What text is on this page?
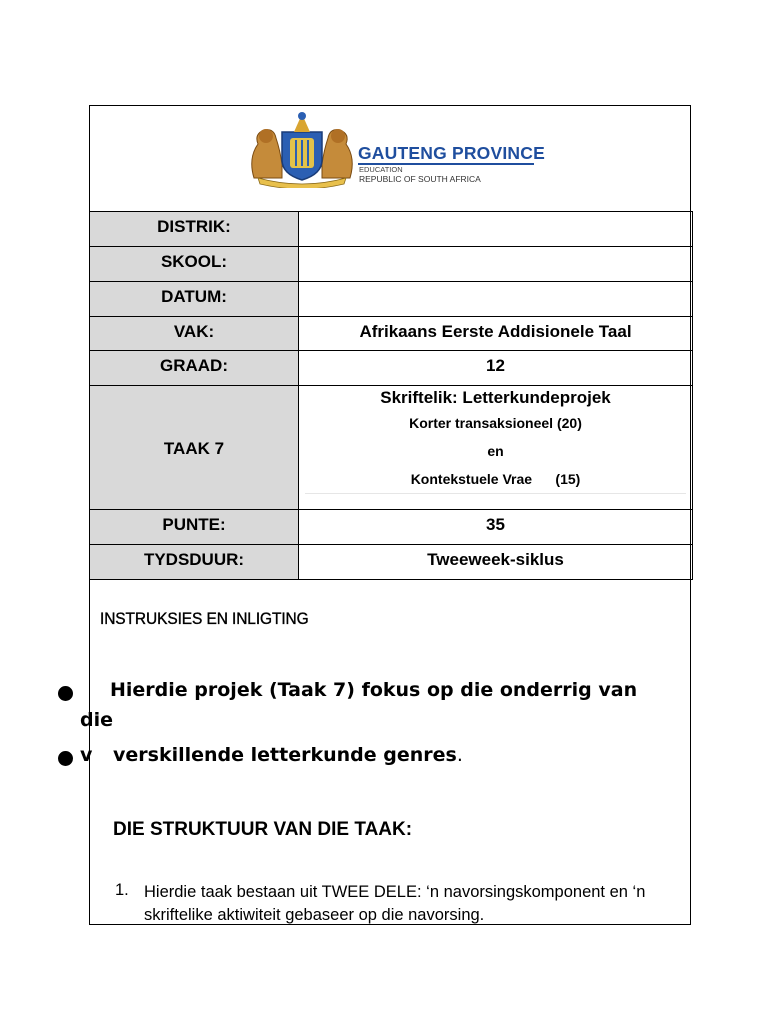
GAUTENG PROVINCE
EDUCATION
REPUBLIC OF SOUTH AFRICA
DISTRIK:	

SKOOL:	

DATUM:	

VAK:	Afrikaans Eerste Addisionele Taal

GRAAD:	12

TAAK 7	Skriftelik: Letterkundeprojek
Korter transaksioneel (20)
en
Kontekstuele Vrae      (15)

PUNTE:	35

TYDSDUUR:	Tweeweek-siklus
INSTRUKSIES EN INLIGTING
Hierdie projek (Taak 7) fokus op die onderrig van
die
v verskillende letterkunde genres.
DIE STRUKTUUR VAN DIE TAAK:
1. Hierdie taak bestaan uit TWEE DELE: ‘n navorsingskomponent en ‘n skriftelike aktiwiteit gebaseer op die navorsing.
